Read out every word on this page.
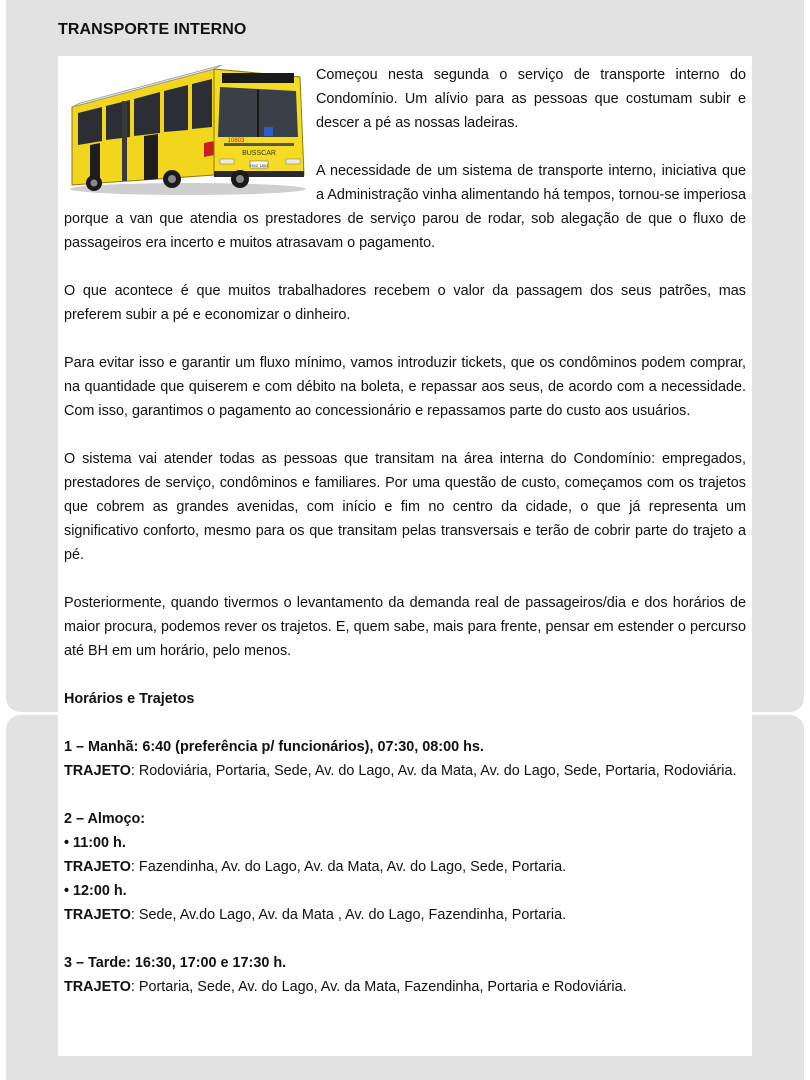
TRANSPORTE INTERNO
BUSSCAR
10803
HGZ 1803

Começou nesta segunda o serviço de transporte interno do Condomínio. Um alívio para as pessoas que costumam subir e descer a pé as nossas ladeiras.

A necessidade de um sistema de transporte interno, iniciativa que a Administração vinha alimentando há tempos, tornou-se imperiosa porque a van que atendia os prestadores de serviço parou de rodar, sob alegação de que o fluxo de passageiros era incerto e muitos atrasavam o pagamento.

O que acontece é que muitos trabalhadores recebem o valor da passagem dos seus patrões, mas preferem subir a pé e economizar o dinheiro.

Para evitar isso e garantir um fluxo mínimo, vamos introduzir tickets, que os condôminos podem comprar, na quantidade que quiserem e com débito na boleta, e repassar aos seus, de acordo com a necessidade. Com isso, garantimos o pagamento ao concessionário e repassamos parte do custo aos usuários.

O sistema vai atender todas as pessoas que transitam na área interna do Condomínio: empregados, prestadores de serviço, condôminos e familiares. Por uma questão de custo, começamos com os trajetos que cobrem as grandes avenidas, com início e fim no centro da cidade, o que já representa um significativo conforto, mesmo para os que transitam pelas transversais e terão de cobrir parte do trajeto a pé.

Posteriormente, quando tivermos o levantamento da demanda real de passageiros/dia e dos horários de maior procura, podemos rever os trajetos. E, quem sabe, mais para frente, pensar em estender o percurso até BH em um horário, pelo menos.

Horários e Trajetos

1 – Manhã: 6:40 (preferência p/ funcionários), 07:30, 08:00 hs.

TRAJETO: Rodoviária, Portaria, Sede, Av. do Lago, Av. da Mata, Av. do Lago, Sede, Portaria, Rodoviária.

2 – Almoço:

• 11:00 h.

TRAJETO: Fazendinha, Av. do Lago, Av. da Mata, Av. do Lago, Sede, Portaria.

• 12:00 h.

TRAJETO: Sede, Av.do Lago, Av. da Mata , Av. do Lago, Fazendinha, Portaria.

3 – Tarde: 16:30, 17:00 e 17:30 h.

TRAJETO: Portaria, Sede, Av. do Lago, Av. da Mata, Fazendinha, Portaria e Rodoviária.
